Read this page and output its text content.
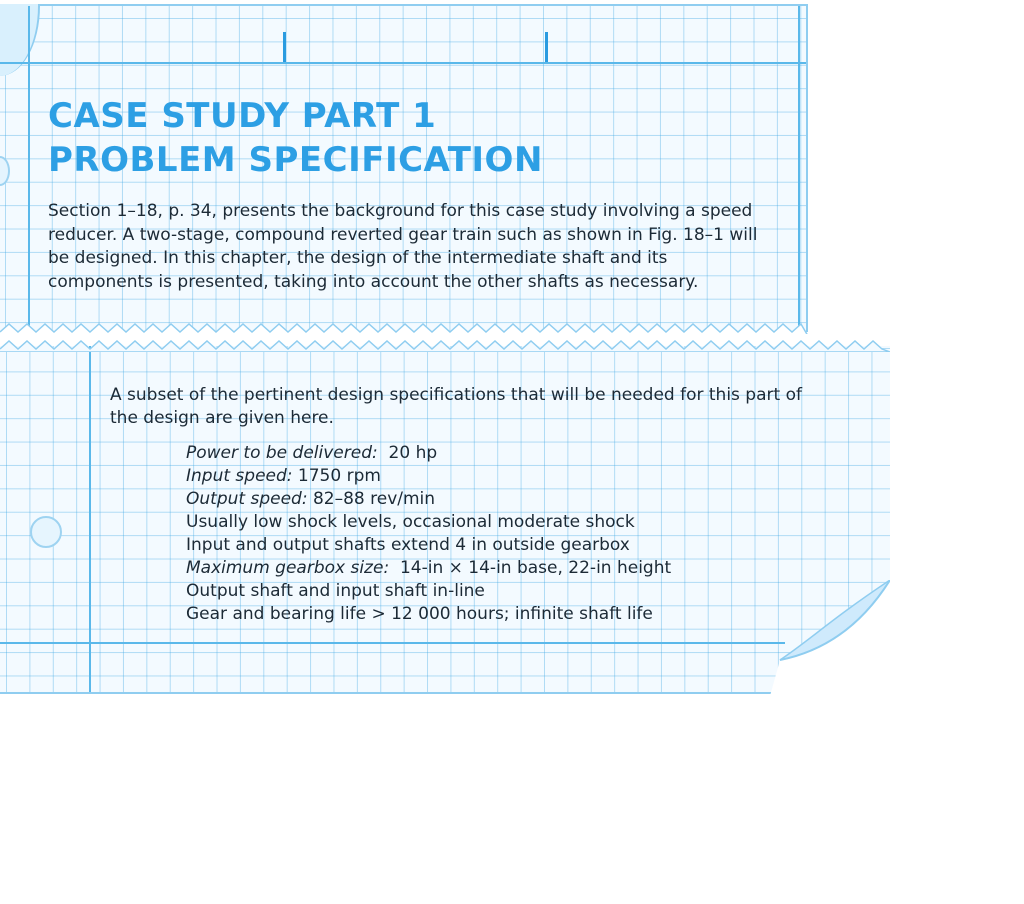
CASE STUDY PART 1
PROBLEM SPECIFICATION

Section 1–18, p. 34, presents the background for this case study involving a speed reducer. A two-stage, compound reverted gear train such as shown in Fig. 18–1 will be designed. In this chapter, the design of the intermediate shaft and its components is presented, taking into account the other shafts as necessary.

A subset of the pertinent design specifications that will be needed for this part of the design are given here.

Power to be delivered: 20 hp
Input speed: 1750 rpm
Output speed: 82–88 rev/min
Usually low shock levels, occasional moderate shock
Input and output shafts extend 4 in outside gearbox
Maximum gearbox size: 14-in × 14-in base, 22-in height
Output shaft and input shaft in-line
Gear and bearing life > 12 000 hours; infinite shaft life
